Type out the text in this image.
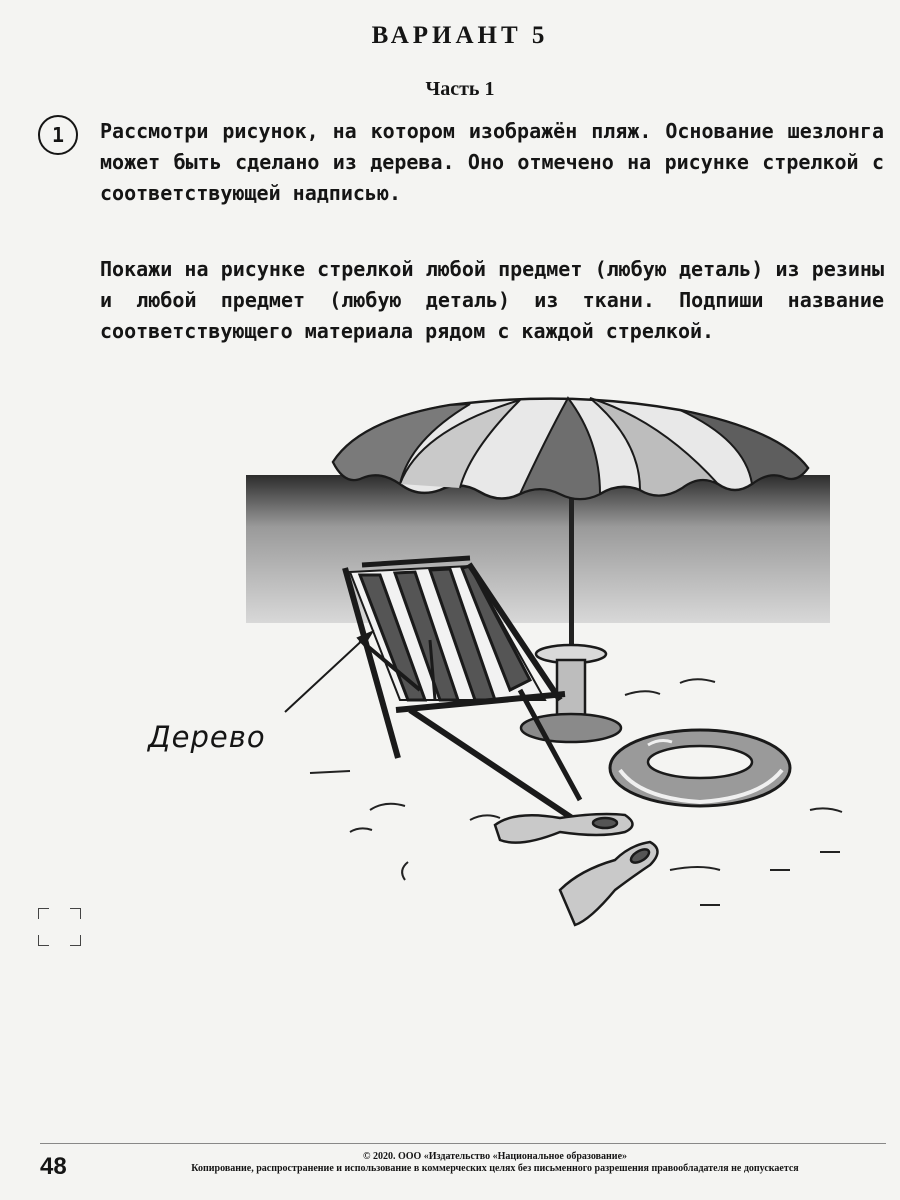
ВАРИАНТ 5
Часть 1
1	Рассмотри рисунок, на котором изображён пляж. Основание шезлонга может быть сделано из дерева. Оно отмечено на рисунке стрелкой с соответствующей надписью.
Покажи на рисунке стрелкой любой предмет (любую деталь) из резины и любой предмет (любую деталь) из ткани. Подпиши название соответствующего материала рядом с каждой стрелкой.
Дерево
48	© 2020. ООО «Издательство «Национальное образование»
Копирование, распространение и использование в коммерческих целях без письменного разрешения правообладателя не допускается
